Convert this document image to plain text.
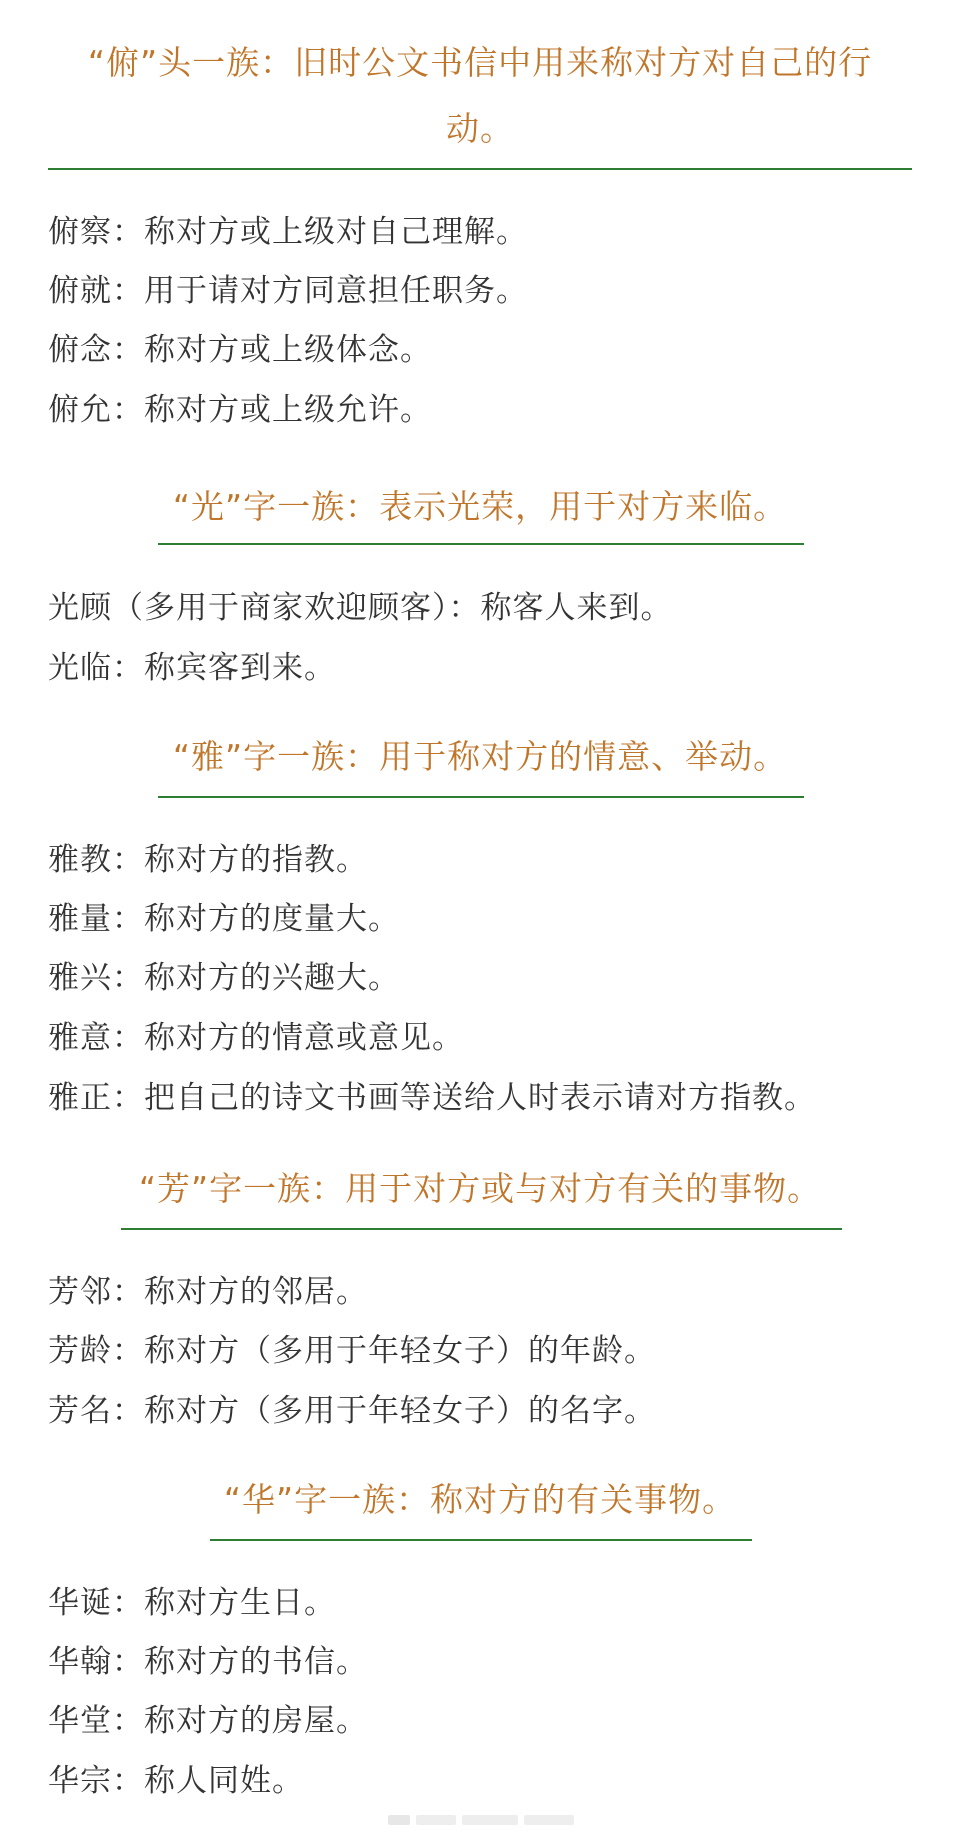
“俯”头一族：旧时公文书信中用来称对方对自己的行动。
俯察：称对方或上级对自己理解。
俯就：用于请对方同意担任职务。
俯念：称对方或上级体念。
俯允：称对方或上级允许。
“光”字一族：表示光荣，用于对方来临。
光顾（多用于商家欢迎顾客）：称客人来到。
光临：称宾客到来。
“雅”字一族：用于称对方的情意、举动。
雅教：称对方的指教。
雅量：称对方的度量大。
雅兴：称对方的兴趣大。
雅意：称对方的情意或意见。
雅正：把自己的诗文书画等送给人时表示请对方指教。
“芳”字一族：用于对方或与对方有关的事物。
芳邻：称对方的邻居。
芳龄：称对方（多用于年轻女子）的年龄。
芳名：称对方（多用于年轻女子）的名字。
“华”字一族：称对方的有关事物。
华诞：称对方生日。
华翰：称对方的书信。
华堂：称对方的房屋。
华宗：称人同姓。
